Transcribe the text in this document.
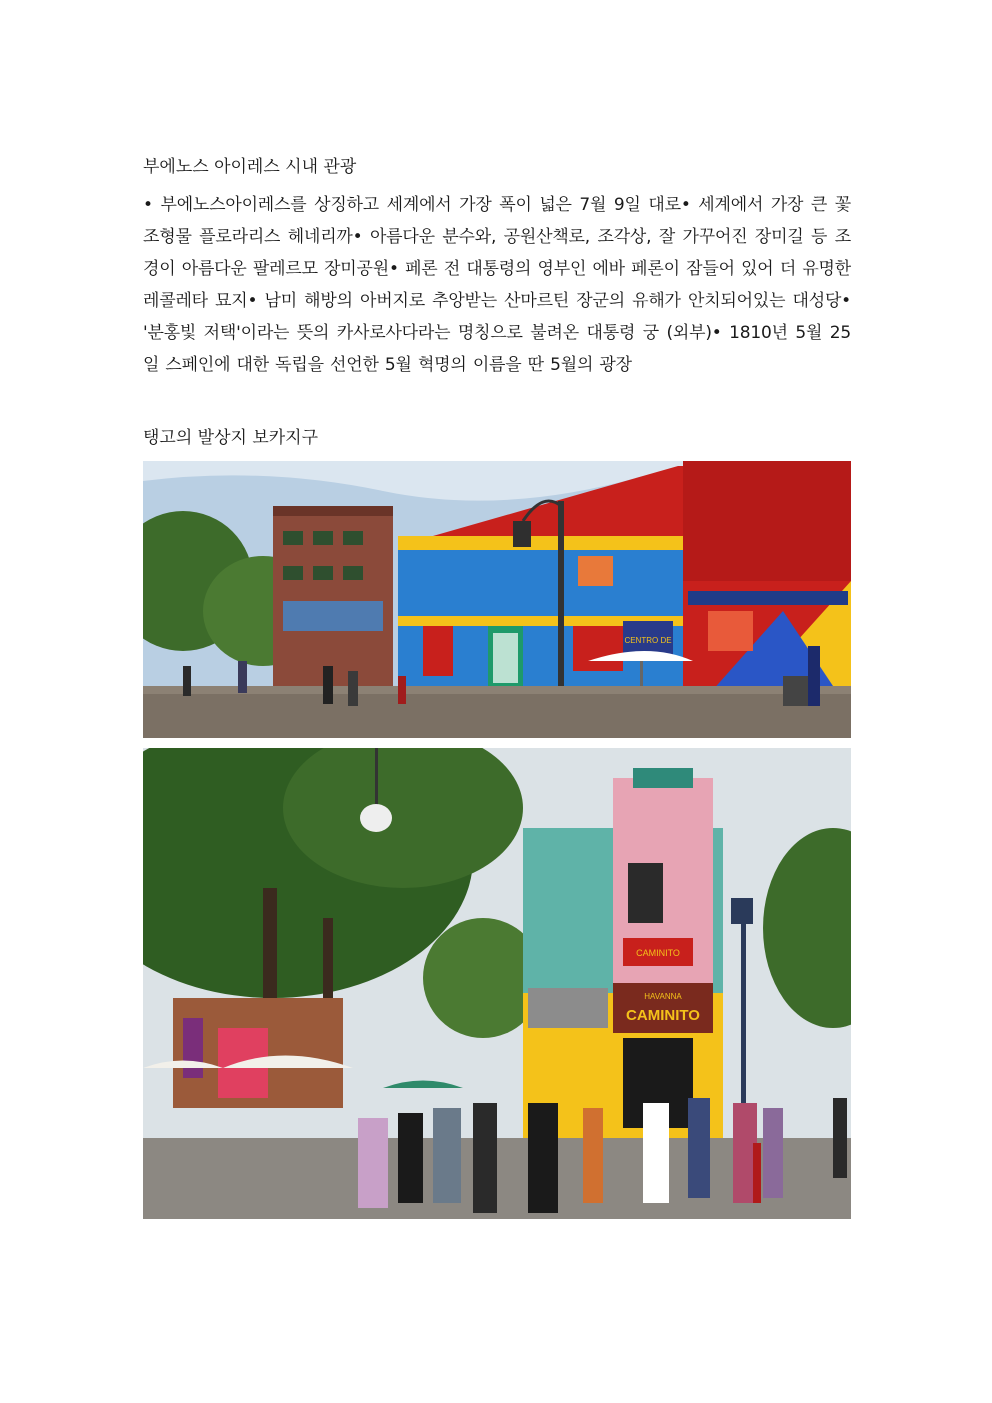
부에노스 아이레스 시내 관광
• 부에노스아이레스를 상징하고 세계에서 가장 폭이 넓은 7월 9일 대로• 세계에서 가장 큰 꽃 조형물 플로라리스 헤네리까• 아름다운 분수와, 공원산책로, 조각상, 잘 가꾸어진 장미길 등 조경이 아름다운 팔레르모 장미공원• 페론 전 대통령의 영부인 에바 페론이 잠들어 있어 더 유명한 레콜레타 묘지• 남미 해방의 아버지로 추앙받는 산마르틴 장군의 유해가 안치되어있는 대성당• '분홍빛 저택'이라는 뜻의 카사로사다라는 명칭으로 불려온 대통령 궁 (외부)• 1810년 5월 25일 스페인에 대한 독립을 선언한 5월 혁명의 이름을 딴 5월의 광장
탱고의 발상지 보카지구
CENTRO DE
CAMINITO
HAVANNA
CAMINITO
